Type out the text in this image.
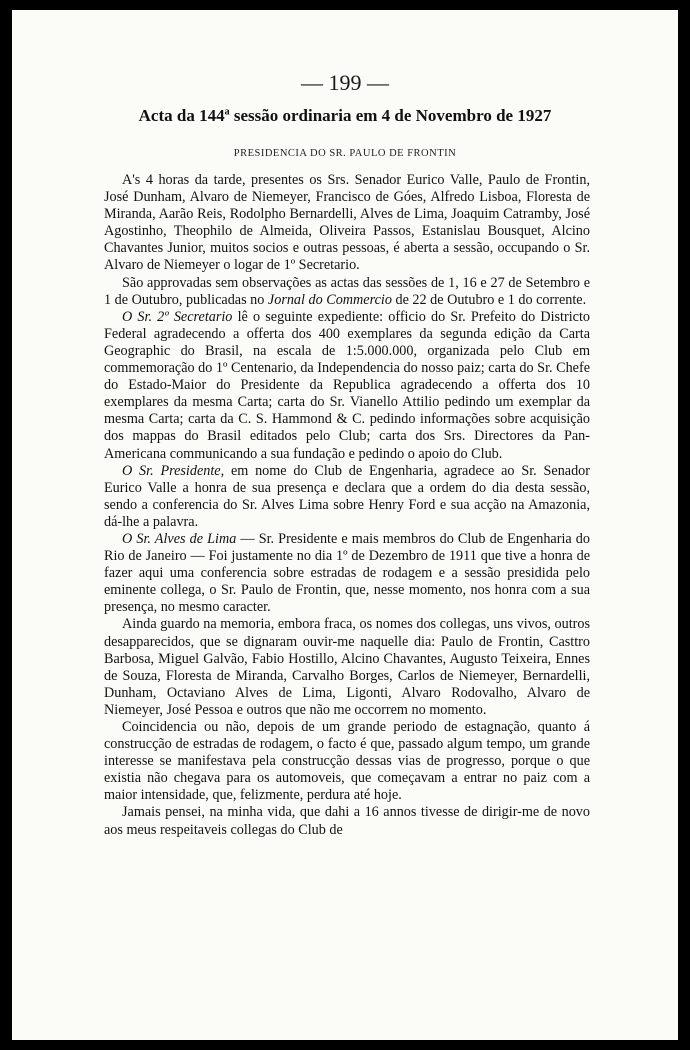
— 199 —
Acta da 144$^a$ sessão ordinaria em 4 de Novembro de 1927
PRESIDENCIA DO SR. PAULO DE FRONTIN

A's 4 horas da tarde, presentes os Srs. Senador Eurico Valle, Paulo de Frontin, José Dunham, Alvaro de Niemeyer, Francisco de Góes, Alfredo Lisboa, Floresta de Miranda, Aarão Reis, Rodolpho Bernardelli, Alves de Lima, Joaquim Catramby, José Agostinho, Theophilo de Almeida, Oliveira Passos, Estanislau Bousquet, Alcino Chavantes Junior, muitos socios e outras pessoas, é aberta a sessão, occupando o Sr. Alvaro de Niemeyer o logar de 1º Secretario.

São approvadas sem observações as actas das sessões de 1, 16 e 27 de Setembro e 1 de Outubro, publicadas no Jornal do Commercio de 22 de Outubro e 1 do corrente.

O Sr. 2º Secretario lê o seguinte expediente: officio do Sr. Prefeito do Districto Federal agradecendo a offerta dos 400 exemplares da segunda edição da Carta Geographic do Brasil, na escala de 1:5.000.000, organizada pelo Club em commemoração do 1º Centenario, da Independencia do nosso paiz; carta do Sr. Chefe do Estado-Maior do Presidente da Republica agradecendo a offerta dos 10 exemplares da mesma Carta; carta do Sr. Vianello Attilio pedindo um exemplar da mesma Carta; carta da C. S. Hammond & C. pedindo informações sobre acquisição dos mappas do Brasil editados pelo Club; carta dos Srs. Directores da Pan-Americana communicando a sua fundação e pedindo o apoio do Club.

O Sr. Presidente, em nome do Club de Engenharia, agradece ao Sr. Senador Eurico Valle a honra de sua presença e declara que a ordem do dia desta sessão, sendo a conferencia do Sr. Alves Lima sobre Henry Ford e sua acção na Amazonia, dá-lhe a palavra.

O Sr. Alves de Lima — Sr. Presidente e mais membros do Club de Engenharia do Rio de Janeiro — Foi justamente no dia 1º de Dezembro de 1911 que tive a honra de fazer aqui uma conferencia sobre estradas de rodagem e a sessão presidida pelo eminente collega, o Sr. Paulo de Frontin, que, nesse momento, nos honra com a sua presença, no mesmo caracter.

Ainda guardo na memoria, embora fraca, os nomes dos collegas, uns vivos, outros desapparecidos, que se dignaram ouvir-me naquelle dia: Paulo de Frontin, Casttro Barbosa, Miguel Galvão, Fabio Hostillo, Alcino Chavantes, Augusto Teixeira, Ennes de Souza, Floresta de Miranda, Carvalho Borges, Carlos de Niemeyer, Bernardelli, Dunham, Octaviano Alves de Lima, Ligonti, Alvaro Rodovalho, Alvaro de Niemeyer, José Pessoa e outros que não me occorrem no momento.

Coincidencia ou não, depois de um grande periodo de estagnação, quanto á construcção de estradas de rodagem, o facto é que, passado algum tempo, um grande interesse se manifestava pela construcção dessas vias de progresso, porque o que existia não chegava para os automoveis, que começavam a entrar no paiz com a maior intensidade, que, felizmente, perdura até hoje.

Jamais pensei, na minha vida, que dahi a 16 annos tivesse de dirigir-me de novo aos meus respeitaveis collegas do Club de
